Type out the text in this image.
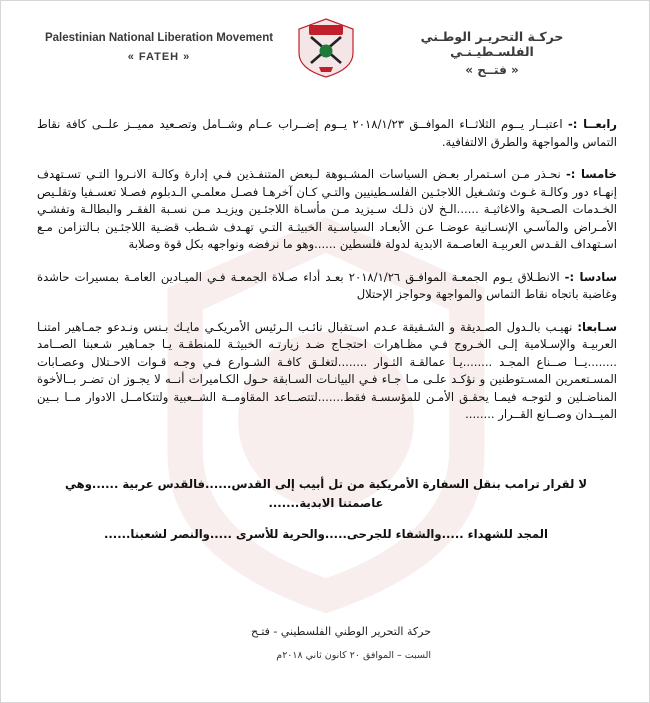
Palestinian National Liberation Movement
« FATEH »
حركـة التحريـر الوطـني الفلسـطيـنـي
« فتــح »

رابعــا :- اعتبــار يــوم الثلاثــاء الموافــق ٢٠١٨/١/٢٣ يــوم إضــراب عــام وشــامل وتصـعيد مميــز علــى كافة نقاط التماس والمواجهة والطرق الالتفافية.

خامسا :- نحـذر مـن اسـتمرار بعـض السياسات المشـبوهة لـبعض المتنفـذين فـي إدارة وكالـة الانـروا التـي تسـتهدف إنهـاء دور وكالـة غـوث وتشـغيل اللاجئـين الفلسـطينيين والتـي كـان آخرهـا فصـل معلمـي الـدبلوم فصـلا تعسـفيا وتقلـيص الخـدمات الصـحية والاغاثيـة ......الـخ لان ذلـك سـيزيد مـن مأسـاة اللاجئـين ويزيـد مـن نسـبة الفقـر والبطالـة وتفشـي الأمـراض والمآسـي الإنسـانية عوضـا عـن الأبعـاد السياسـية الخبيثـة التـي تهـدف شـطب قضـية اللاجئـين بـالتزامن مـع اسـتهداف القـدس العربيـة العاصـمة الابدية لدولة فلسطين ......وهو ما نرفضه ونواجهه بكل قوة وصلابة

سادسا :- الانطـلاق يـوم الجمعـة الموافـق ٢٠١٨/١/٢٦ بعـد أداء صـلاة الجمعـة فـي الميـادين العامـة بمسيرات حاشدة وغاضبة باتجاه نقاط التماس والمواجهة وحواجز الإحتلال

سـابعا: نهيـب بالـدول الصـديقة و الشـقيقة عـدم اسـتقبال نائـب الـرئيس الأمريكـي مايـك بـنس ونـدعو جمـاهير امتنـا العربيـة والإسـلامية إلـى الخـروج فـي مظـاهرات احتجـاج ضـد زيارتـه الخبيثـة للمنطقـة يـا جمـاهير شـعبنا الصــامد ........يــا صــناع المجـد ........يـا عمالقـة الثـوار ........لتغلـق كافـة الشـوارع فـي وجـه قـوات الاحـتلال وعصـابات المسـتعمرين المسـتوطنين و نؤكـد علـى مـا جـاء فـي البيانـات السـابقة حـول الكـاميرات أنــه لا يجـوز ان تضـر بــالأخوة المناضـلين و لتوجـه فيمـا يحقـق الأمـن للمؤسسـة فقط.......لتتصــاعد المقاومــة الشــعبية ولتتكامــل الادوار مــا بــين الميــدان وصــانع القــرار ........

لا لقرار ترامب بنقل السفارة الأمريكية من تل أبيب إلى القدس......فالقدس عربية ......وهي عاصمتنا الابدية.......

المجد للشهداء .....والشفاء للجرحى.....والحرية للأسرى .....والنصر لشعبنا......

حركة التحرير الوطني الفلسطيني - فتـح
السبت – الموافق ٢٠ كانون ثاني ٢٠١٨م
